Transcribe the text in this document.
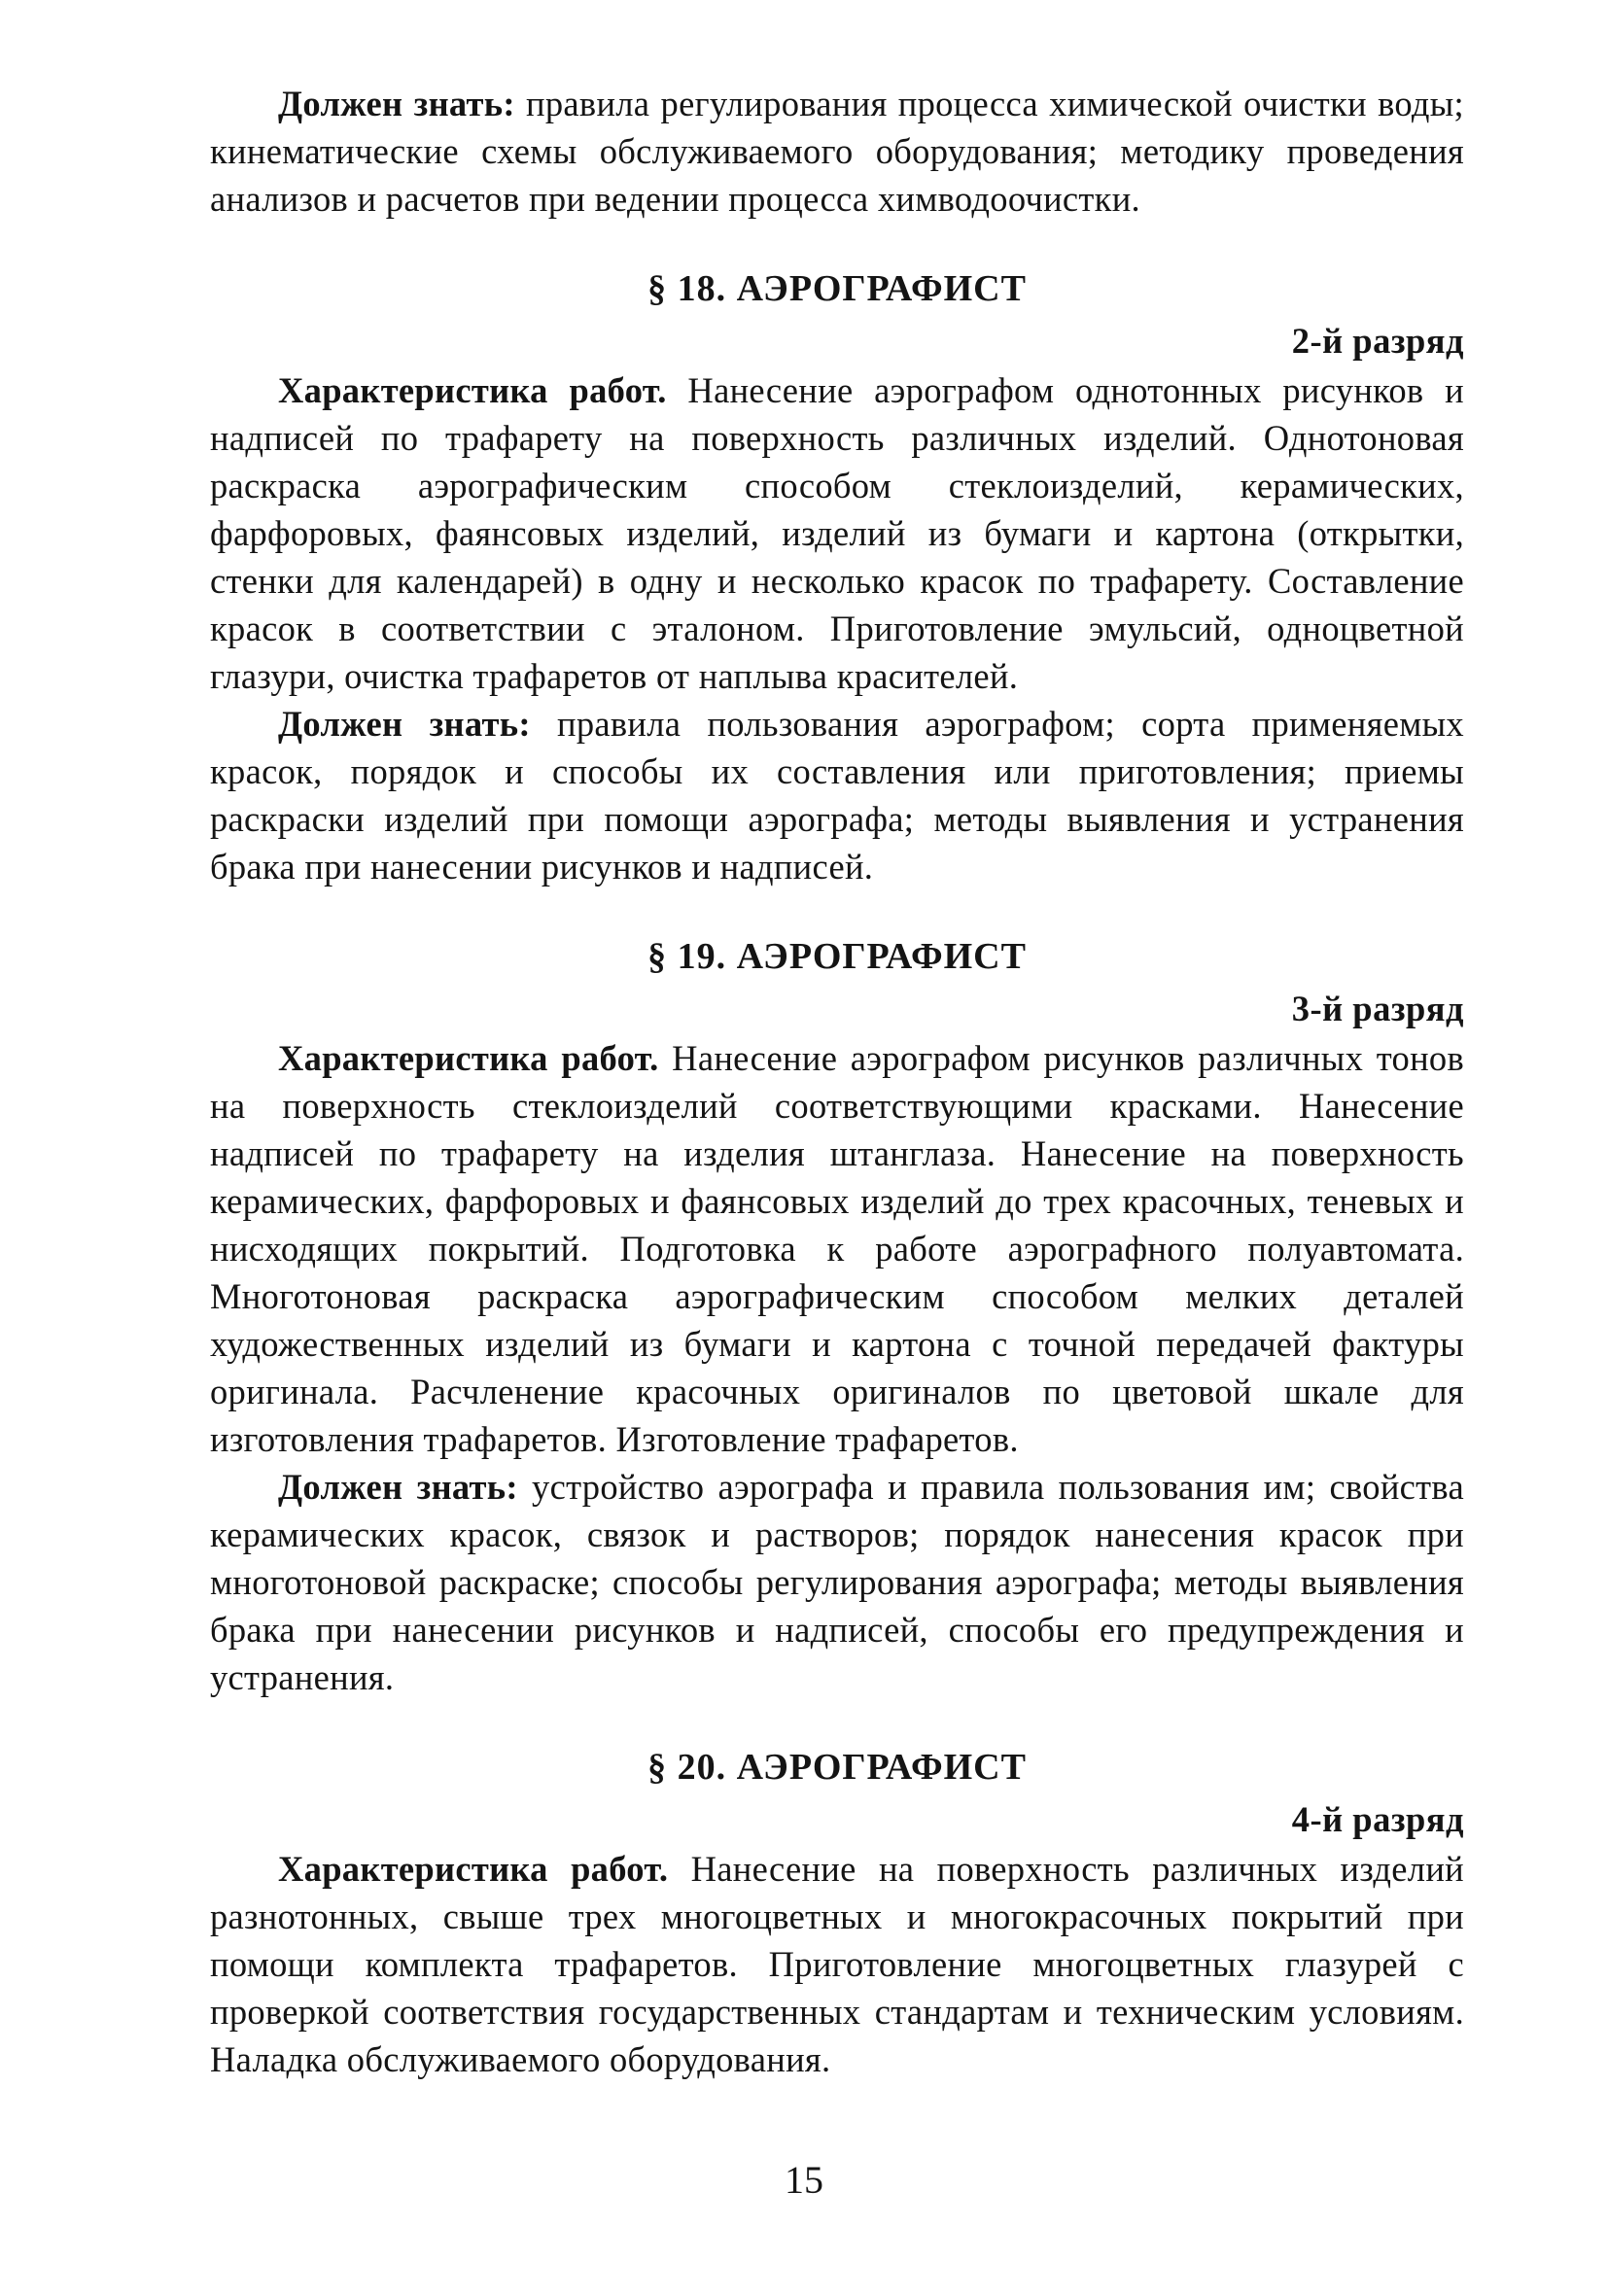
Должен знать: правила регулирования процесса химической очистки воды; кинематические схемы обслуживаемого оборудования; методику проведения анализов и расчетов при ведении процесса химводоочистки.

§ 18. АЭРОГРАФИСТ

2-й разряд

Характеристика работ. Нанесение аэрографом однотонных рисунков и надписей по трафарету на поверхность различных изделий. Однотоновая раскраска аэрографическим способом стеклоизделий, керамических, фарфоровых, фаянсовых изделий, изделий из бумаги и картона (открытки, стенки для календарей) в одну и несколько красок по трафарету. Составление красок в соответствии с эталоном. Приготовление эмульсий, одноцветной глазури, очистка трафаретов от наплыва красителей.

Должен знать: правила пользования аэрографом; сорта применяемых красок, порядок и способы их составления или приготовления; приемы раскраски изделий при помощи аэрографа; методы выявления и устранения брака при нанесении рисунков и надписей.

§ 19. АЭРОГРАФИСТ

3-й разряд

Характеристика работ. Нанесение аэрографом рисунков различных тонов на поверхность стеклоизделий соответствующими красками. Нанесение надписей по трафарету на изделия штанглаза. Нанесение на поверхность керамических, фарфоровых и фаянсовых изделий до трех красочных, теневых и нисходящих покрытий. Подготовка к работе аэрографного полуавтомата. Многотоновая раскраска аэрографическим способом мелких деталей художественных изделий из бумаги и картона с точной передачей фактуры оригинала. Расчленение красочных оригиналов по цветовой шкале для изготовления трафаретов. Изготовление трафаретов.

Должен знать: устройство аэрографа и правила пользования им; свойства керамических красок, связок и растворов; порядок нанесения красок при многотоновой раскраске; способы регулирования аэрографа; методы выявления брака при нанесении рисунков и надписей, способы его предупреждения и устранения.

§ 20. АЭРОГРАФИСТ

4-й разряд

Характеристика работ. Нанесение на поверхность различных изделий разнотонных, свыше трех многоцветных и многокрасочных покрытий при помощи комплекта трафаретов. Приготовление многоцветных глазурей с проверкой соответствия государственных стандартам и техническим условиям. Наладка обслуживаемого оборудования.

15
